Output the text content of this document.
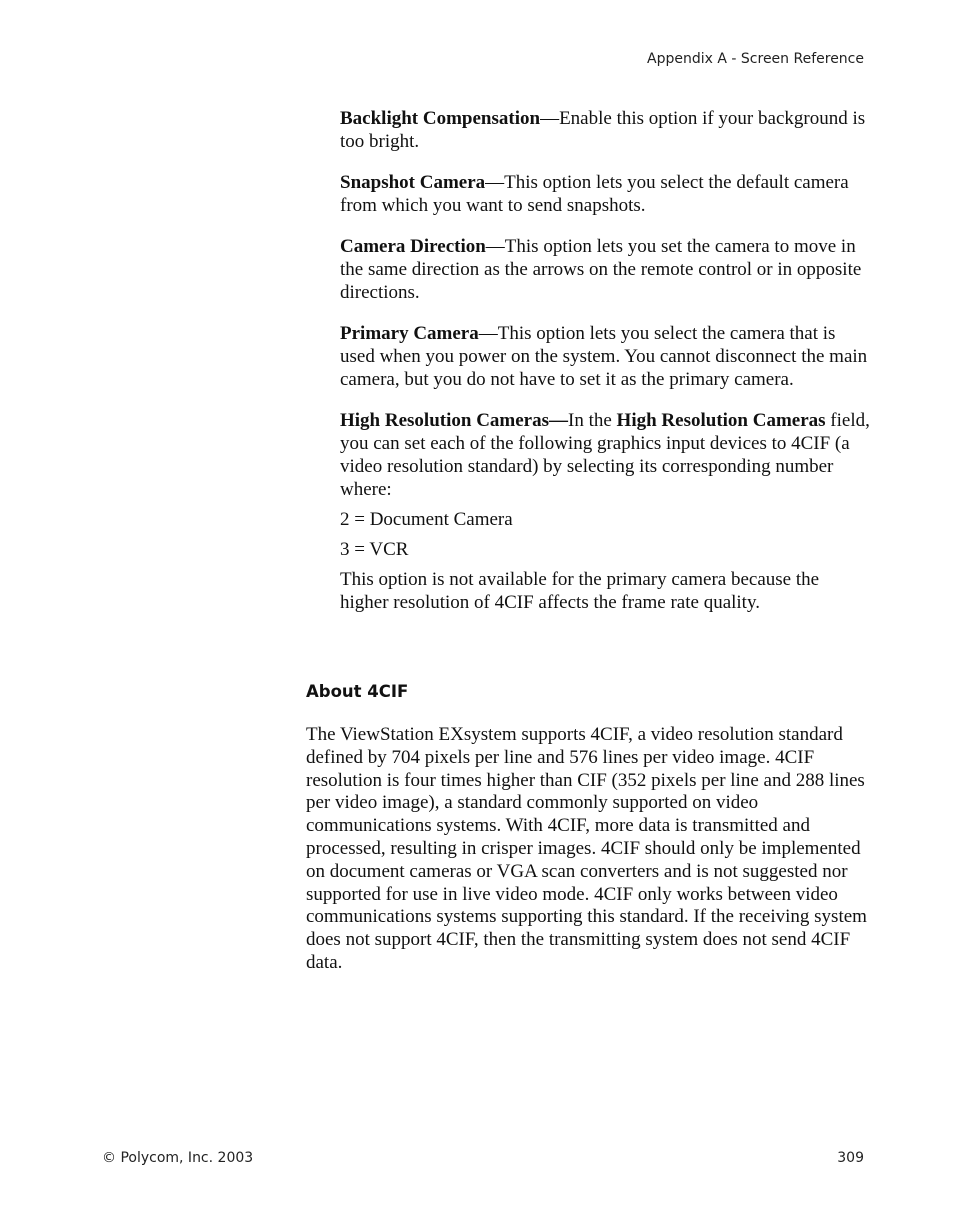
Appendix A - Screen Reference

Backlight Compensation—Enable this option if your background is too bright.

Snapshot Camera—This option lets you select the default camera from which you want to send snapshots.

Camera Direction—This option lets you set the camera to move in the same direction as the arrows on the remote control or in opposite directions.

Primary Camera—This option lets you select the camera that is used when you power on the system. You cannot disconnect the main camera, but you do not have to set it as the primary camera.

High Resolution Cameras—In the High Resolution Cameras field, you can set each of the following graphics input devices to 4CIF (a video resolution standard) by selecting its corresponding number where:

2 = Document Camera

3 = VCR

This option is not available for the primary camera because the higher resolution of 4CIF affects the frame rate quality.

About 4CIF

The ViewStation EXsystem supports 4CIF, a video resolution standard defined by 704 pixels per line and 576 lines per video image. 4CIF resolution is four times higher than CIF (352 pixels per line and 288 lines per video image), a standard commonly supported on video communications systems. With 4CIF, more data is transmitted and processed, resulting in crisper images. 4CIF should only be implemented on document cameras or VGA scan converters and is not suggested nor supported for use in live video mode. 4CIF only works between video communications systems supporting this standard. If the receiving system does not support 4CIF, then the transmitting system does not send 4CIF data.

© Polycom, Inc. 2003	309
